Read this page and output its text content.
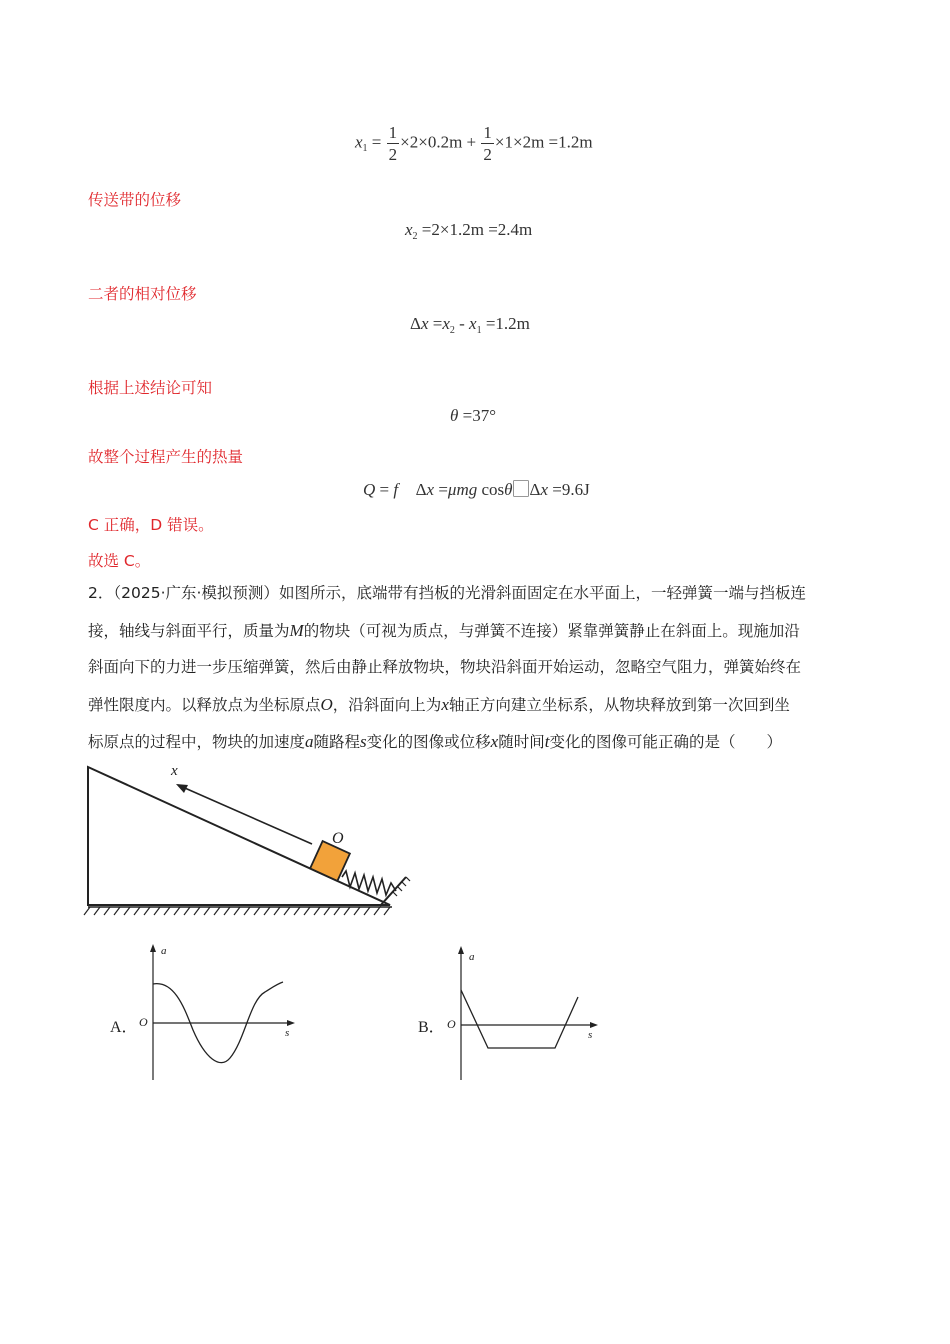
$x_1 = \frac{1}{2} \times 2\times 0.2m + \frac{1}{2} \times 1\times 2m =1.2m$
传送带的位移
$x_2 =2\times 1.2m =2.4m$
二者的相对位移
$\Delta x =x_2 - x_1 =1.2m$
根据上述结论可知
θ =37°
故整个过程产生的热量
Q = f ⃞Δx =μmg cosθ⃞Δx =9.6J
C 正确，D 错误。
故选 C。
2．（2025·广东·模拟预测）如图所示，底端带有挡板的光滑斜面固定在水平面上，一轻弹簧一端与挡板连
接，轴线与斜面平行，质量为M的物块（可视为质点，与弹簧不连接）紧靠弹簧静止在斜面上。现施加沿
斜面向下的力进一步压缩弹簧，然后由静止释放物块，物块沿斜面开始运动，忽略空气阻力，弹簧始终在
弹性限度内。以释放点为坐标原点O，沿斜面向上为x轴正方向建立坐标系，从物块释放到第一次回到坐
标原点的过程中，物块的加速度a随路程s变化的图像或位移x随时间t变化的图像可能正确的是（　　）
x
O
A．
a
s
O	B．
a
s
O
